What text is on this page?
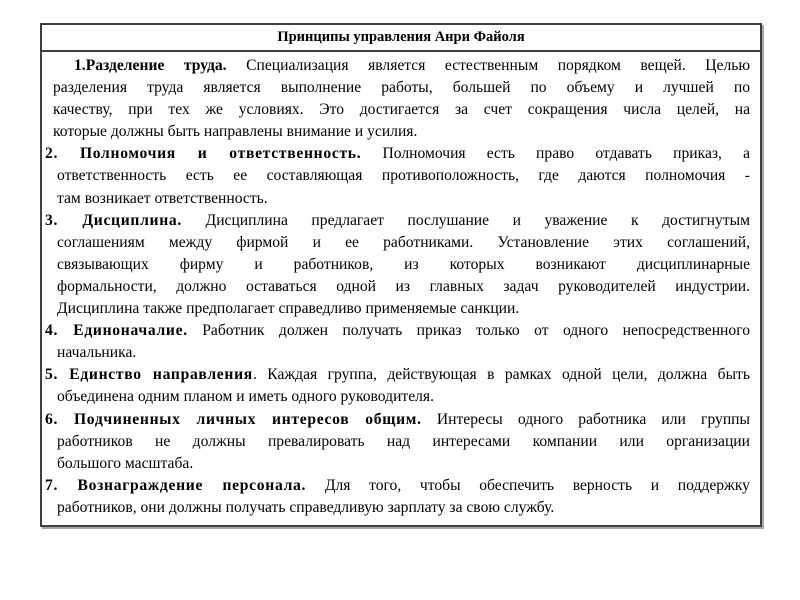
Принципы управления Анри Файоля
1.Разделение труда. Специализация является естественным порядком вещей. Целью
разделения труда является выполнение работы, большей по объему и лучшей по
качеству, при тех же условиях. Это достигается за счет сокращения числа целей, на
которые должны быть направлены внимание и усилия.
2. Полномочия и ответственность. Полномочия есть право отдавать приказ, а
ответственность есть ее составляющая противоположность, где даются полномочия -
там возникает ответственность.
3. Дисциплина. Дисциплина предлагает послушание и уважение к достигнутым
соглашениям между фирмой и ее работниками. Установление этих соглашений,
связывающих фирму и работников, из которых возникают дисциплинарные
формальности, должно оставаться одной из главных задач руководителей индустрии.
Дисциплина также предполагает справедливо применяемые санкции.
4. Единоначалие. Работник должен получать приказ только от одного непосредственного
начальника.
5. Единство направления. Каждая группа, действующая в рамках одной цели, должна быть
объединена одним планом и иметь одного руководителя.
6. Подчиненных личных интересов общим. Интересы одного работника или группы
работников не должны превалировать над интересами компании или организации
большого масштаба.
7. Вознаграждение персонала. Для того, чтобы обеспечить верность и поддержку
работников, они должны получать справедливую зарплату за свою службу.
